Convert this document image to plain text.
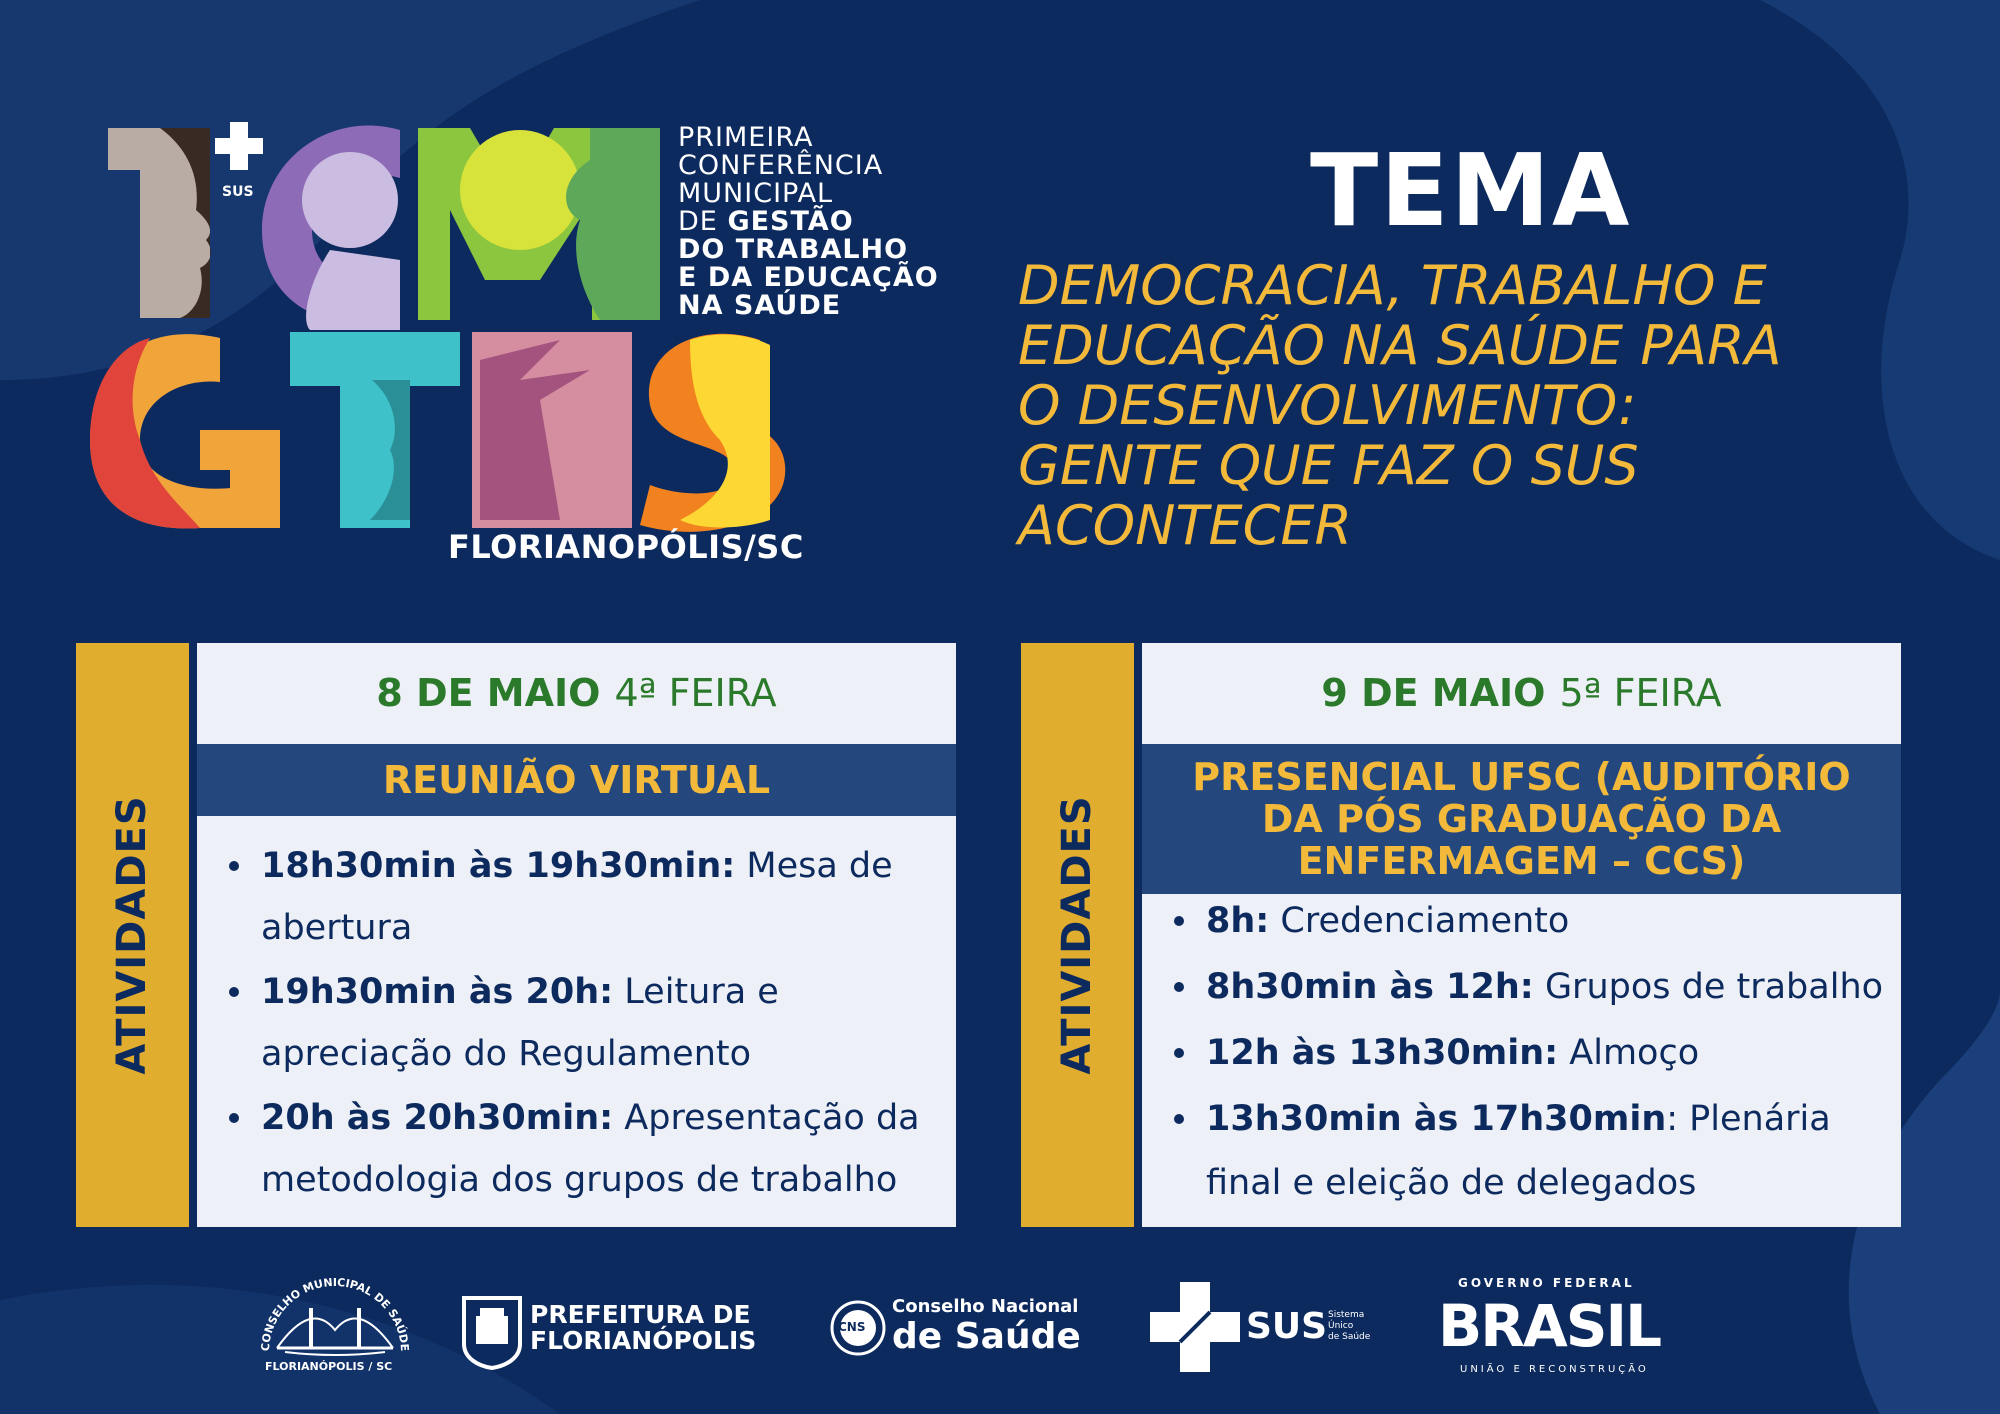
SUS
PRIMEIRA
CONFERÊNCIA
MUNICIPAL
DE GESTÃO
DO TRABALHO
E DA EDUCAÇÃO
NA SAÚDE
FLORIANOPÓLIS/SC
TEMA
DEMOCRACIA, TRABALHO E
EDUCAÇÃO NA SAÚDE PARA
O DESENVOLVIMENTO:
GENTE QUE FAZ O SUS
ACONTECER
ATIVIDADES
8 DE MAIO 4ª FEIRA
REUNIÃO VIRTUAL
18h30min às 19h30min: Mesa de
abertura
19h30min às 20h: Leitura e
apreciação do Regulamento
20h às 20h30min: Apresentação da
metodologia dos grupos de trabalho
ATIVIDADES
9 DE MAIO 5ª FEIRA
PRESENCIAL UFSC (AUDITÓRIO
DA PÓS GRADUAÇÃO DA
ENFERMAGEM – CCS)
8h: Credenciamento
8h30min às 12h: Grupos de trabalho
12h às 13h30min: Almoço
13h30min às 17h30min: Plenária
final e eleição de delegados
CONSELHO MUNICIPAL DE SAÚDE
FLORIANÓPOLIS / SC
PREFEITURA DE
FLORIANÓPOLIS	CNS
Conselho Nacional
de Saúde	SUS Sistema
Único
de Saúde
GOVERNO FEDERAL
BRASIL
UNIÃO E RECONSTRUÇÃO
